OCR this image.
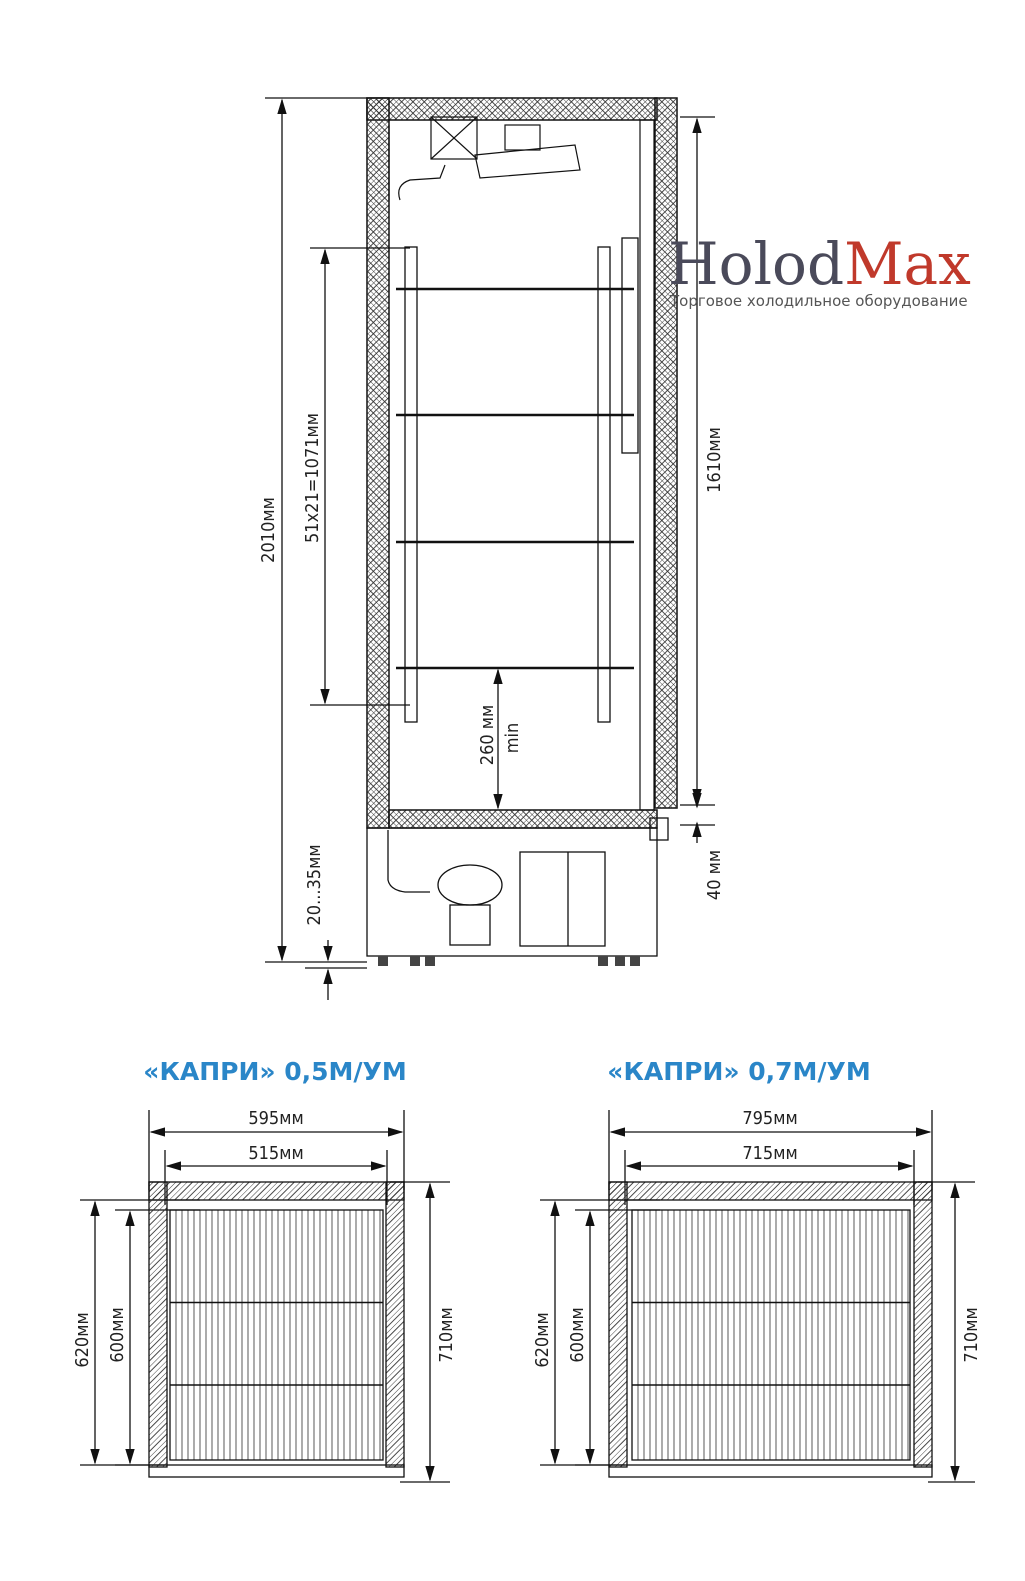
2010мм 51х21=1071мм	1610мм
260 мм min
20...35мм	40 мм
HolodMax
Торговое холодильное оборудование
«КАПРИ» 0,5М/УМ
595мм
515мм
620мм 600мм	710мм
«КАПРИ» 0,7М/УМ
795мм
715мм
620мм 600мм	710мм
